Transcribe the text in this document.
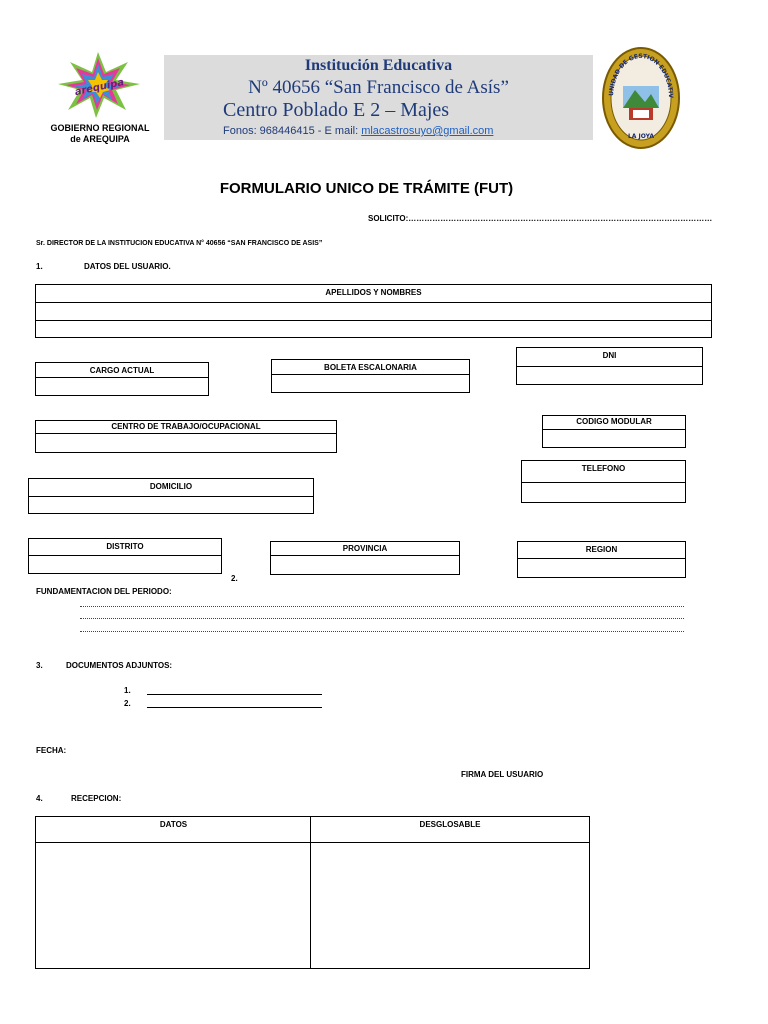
arequipa
GOBIERNO REGIONAL
de AREQUIPA
Institución Educativa
Nº 40656 “San Francisco de Asís”
Centro Poblado E 2 – Majes
Fonos: 968446415 - E mail: mlacastrosuyo@gmail.com
UNIDAD DE GESTION EDUCATIV
LA JOYA
FORMULARIO UNICO DE TRÁMITE (FUT)
SOLICITO:……………………………………………………………………………………………………
Sr. DIRECTOR DE LA INSTITUCION EDUCATIVA N° 40656 “SAN FRANCISCO DE ASIS”
1.	DATOS DEL USUARIO.
APELLIDOS Y NOMBRES
CARGO ACTUAL	BOLETA ESCALONARIA
DNI
CENTRO DE TRABAJO/OCUPACIONAL
CODIGO MODULAR
TELEFONO
DOMICILIO
DISTRITO	PROVINCIA	REGION
2.
FUNDAMENTACION DEL PERIODO:
3.	DOCUMENTOS ADJUNTOS:
1.
2.
FECHA:
FIRMA DEL USUARIO
4.	RECEPCION:
DATOS	DESGLOSABLE
